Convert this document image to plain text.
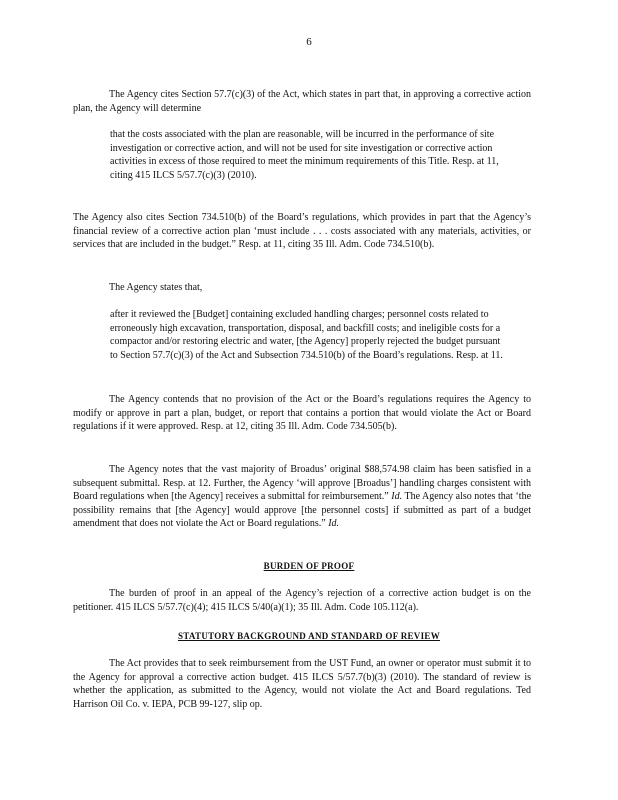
6

The Agency cites Section 57.7(c)(3) of the Act, which states in part that, in approving a corrective action plan, the Agency will determine

that the costs associated with the plan are reasonable, will be incurred in the performance of site investigation or corrective action, and will not be used for site investigation or corrective action activities in excess of those required to meet the minimum requirements of this Title. Resp. at 11, citing 415 ILCS 5/57.7(c)(3) (2010).

The Agency also cites Section 734.510(b) of the Board’s regulations, which provides in part that the Agency’s financial review of a corrective action plan ‘must include . . . costs associated with any materials, activities, or services that are included in the budget.” Resp. at 11, citing 35 Ill. Adm. Code 734.510(b).

The Agency states that,

after it reviewed the [Budget] containing excluded handling charges; personnel costs related to erroneously high excavation, transportation, disposal, and backfill costs; and ineligible costs for a compactor and/or restoring electric and water, [the Agency] properly rejected the budget pursuant to Section 57.7(c)(3) of the Act and Subsection 734.510(b) of the Board’s regulations. Resp. at 11.

The Agency contends that no provision of the Act or the Board’s regulations requires the Agency to modify or approve in part a plan, budget, or report that contains a portion that would violate the Act or Board regulations if it were approved. Resp. at 12, citing 35 Ill. Adm. Code 734.505(b).

The Agency notes that the vast majority of Broadus’ original $88,574.98 claim has been satisfied in a subsequent submittal. Resp. at 12. Further, the Agency ‘will approve [Broadus’] handling charges consistent with Board regulations when [the Agency] receives a submittal for reimbursement.” Id. The Agency also notes that ‘the possibility remains that [the Agency] would approve [the personnel costs] if submitted as part of a budget amendment that does not violate the Act or Board regulations.” Id.

BURDEN OF PROOF

The burden of proof in an appeal of the Agency’s rejection of a corrective action budget is on the petitioner. 415 ILCS 5/57.7(c)(4); 415 ILCS 5/40(a)(1); 35 Ill. Adm. Code 105.112(a).

STATUTORY BACKGROUND AND STANDARD OF REVIEW

The Act provides that to seek reimbursement from the UST Fund, an owner or operator must submit it to the Agency for approval a corrective action budget. 415 ILCS 5/57.7(b)(3) (2010). The standard of review is whether the application, as submitted to the Agency, would not violate the Act and Board regulations. Ted Harrison Oil Co. v. IEPA, PCB 99-127, slip op.
